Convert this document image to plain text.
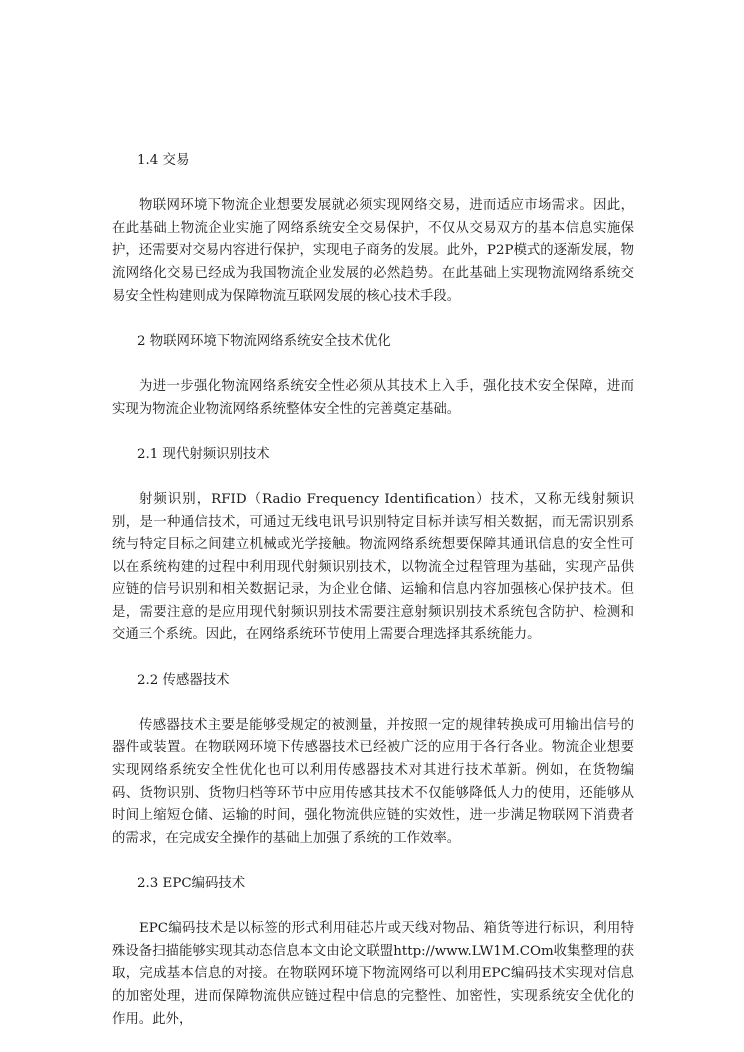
1.4 交易

物联网环境下物流企业想要发展就必须实现网络交易，进而适应市场需求。因此，在此基础上物流企业实施了网络系统安全交易保护，不仅从交易双方的基本信息实施保护，还需要对交易内容进行保护，实现电子商务的发展。此外，P2P模式的逐渐发展，物流网络化交易已经成为我国物流企业发展的必然趋势。在此基础上实现物流网络系统交易安全性构建则成为保障物流互联网发展的核心技术手段。

2 物联网环境下物流网络系统安全技术优化

为进一步强化物流网络系统安全性必须从其技术上入手，强化技术安全保障，进而实现为物流企业物流网络系统整体安全性的完善奠定基础。

2.1 现代射频识别技术

射频识别，RFID（Radio Frequency Identification）技术，又称无线射频识别，是一种通信技术，可通过无线电讯号识别特定目标并读写相关数据，而无需识别系统与特定目标之间建立机械或光学接触。物流网络系统想要保障其通讯信息的安全性可以在系统构建的过程中利用现代射频识别技术，以物流全过程管理为基础，实现产品供应链的信号识别和相关数据记录，为企业仓储、运输和信息内容加强核心保护技术。但是，需要注意的是应用现代射频识别技术需要注意射频识别技术系统包含防护、检测和交通三个系统。因此，在网络系统环节使用上需要合理选择其系统能力。

2.2 传感器技术

传感器技术主要是能够受规定的被测量，并按照一定的规律转换成可用输出信号的器件或装置。在物联网环境下传感器技术已经被广泛的应用于各行各业。物流企业想要实现网络系统安全性优化也可以利用传感器技术对其进行技术革新。例如，在货物编码、货物识别、货物归档等环节中应用传感其技术不仅能够降低人力的使用，还能够从时间上缩短仓储、运输的时间，强化物流供应链的实效性，进一步满足物联网下消费者的需求，在完成安全操作的基础上加强了系统的工作效率。

2.3 EPC编码技术

EPC编码技术是以标签的形式利用硅芯片或天线对物品、箱货等进行标识，利用特殊设备扫描能够实现其动态信息本文由论文联盟http://www.LW1M.COm收集整理的获取，完成基本信息的对接。在物联网环境下物流网络可以利用EPC编码技术实现对信息的加密处理，进而保障物流供应链过程中信息的完整性、加密性，实现系统安全优化的作用。此外，
